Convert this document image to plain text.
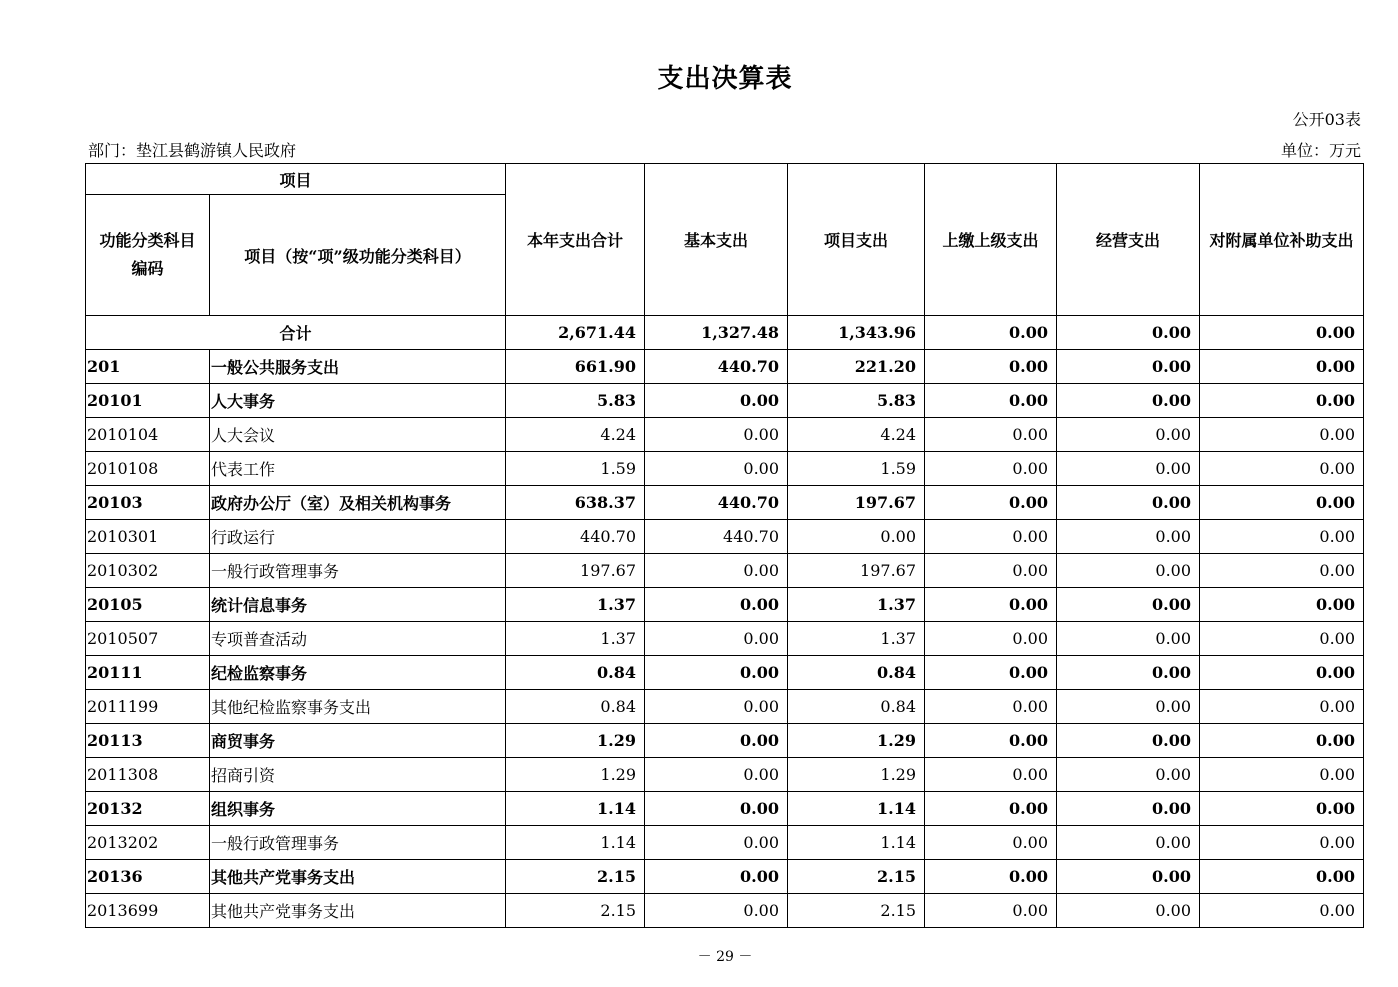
支出决算表
公开03表
部门：垫江县鹤游镇人民政府	单位：万元
项目		本年支出合计	基本支出	项目支出	上缴上级支出	经营支出	对附属单位补助支出
功能分类科目编码	项目（按“项”级功能分类科目）						
合计		2,671.44	1,327.48	1,343.96	0.00	0.00	0.00
201	一般公共服务支出	661.90	440.70	221.20	0.00	0.00	0.00
20101	人大事务	5.83	0.00	5.83	0.00	0.00	0.00
2010104	人大会议	4.24	0.00	4.24	0.00	0.00	0.00
2010108	代表工作	1.59	0.00	1.59	0.00	0.00	0.00
20103	政府办公厅（室）及相关机构事务	638.37	440.70	197.67	0.00	0.00	0.00
2010301	行政运行	440.70	440.70	0.00	0.00	0.00	0.00
2010302	一般行政管理事务	197.67	0.00	197.67	0.00	0.00	0.00
20105	统计信息事务	1.37	0.00	1.37	0.00	0.00	0.00
2010507	专项普查活动	1.37	0.00	1.37	0.00	0.00	0.00
20111	纪检监察事务	0.84	0.00	0.84	0.00	0.00	0.00
2011199	其他纪检监察事务支出	0.84	0.00	0.84	0.00	0.00	0.00
20113	商贸事务	1.29	0.00	1.29	0.00	0.00	0.00
2011308	招商引资	1.29	0.00	1.29	0.00	0.00	0.00
20132	组织事务	1.14	0.00	1.14	0.00	0.00	0.00
2013202	一般行政管理事务	1.14	0.00	1.14	0.00	0.00	0.00
20136	其他共产党事务支出	2.15	0.00	2.15	0.00	0.00	0.00
2013699	其他共产党事务支出	2.15	0.00	2.15	0.00	0.00	0.00
－ 29 －
